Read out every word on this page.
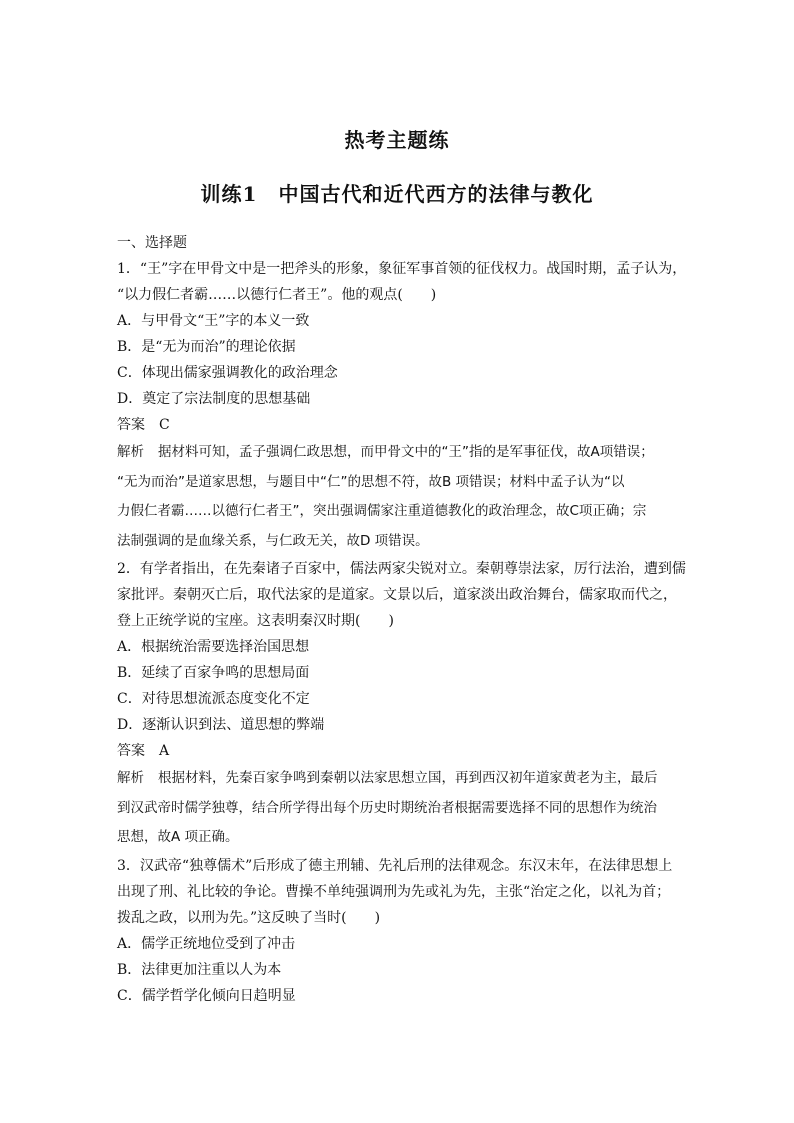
热考主题练
训练1　中国古代和近代西方的法律与教化
一、选择题
1．“王”字在甲骨文中是一把斧头的形象，象征军事首领的征伐权力。战国时期，孟子认为，
“以力假仁者霸……以德行仁者王”。他的观点(　　)
A．与甲骨文“王”字的本义一致
B．是“无为而治”的理论依据
C．体现出儒家强调教化的政治理念
D．奠定了宗法制度的思想基础
答案 C
解析 据材料可知，孟子强调仁政思想，而甲骨文中的“王”指的是军事征伐，故A项错误；
“无为而治”是道家思想，与题目中“仁”的思想不符，故B 项错误；材料中孟子认为“以
力假仁者霸……以德行仁者王”，突出强调儒家注重道德教化的政治理念，故C项正确；宗
法制强调的是血缘关系，与仁政无关，故D 项错误。
2．有学者指出，在先秦诸子百家中，儒法两家尖锐对立。秦朝尊崇法家，厉行法治，遭到儒
家批评。秦朝灭亡后，取代法家的是道家。文景以后，道家淡出政治舞台，儒家取而代之，
登上正统学说的宝座。这表明秦汉时期(　　)
A．根据统治需要选择治国思想
B．延续了百家争鸣的思想局面
C．对待思想流派态度变化不定
D．逐渐认识到法、道思想的弊端
答案 A
解析 根据材料，先秦百家争鸣到秦朝以法家思想立国，再到西汉初年道家黄老为主，最后
到汉武帝时儒学独尊，结合所学得出每个历史时期统治者根据需要选择不同的思想作为统治
思想，故A 项正确。
3．汉武帝“独尊儒术”后形成了德主刑辅、先礼后刑的法律观念。东汉末年，在法律思想上
出现了刑、礼比较的争论。曹操不单纯强调刑为先或礼为先，主张“治定之化，以礼为首；
拨乱之政，以刑为先。”这反映了当时(　　)
A．儒学正统地位受到了冲击
B．法律更加注重以人为本
C．儒学哲学化倾向日趋明显
